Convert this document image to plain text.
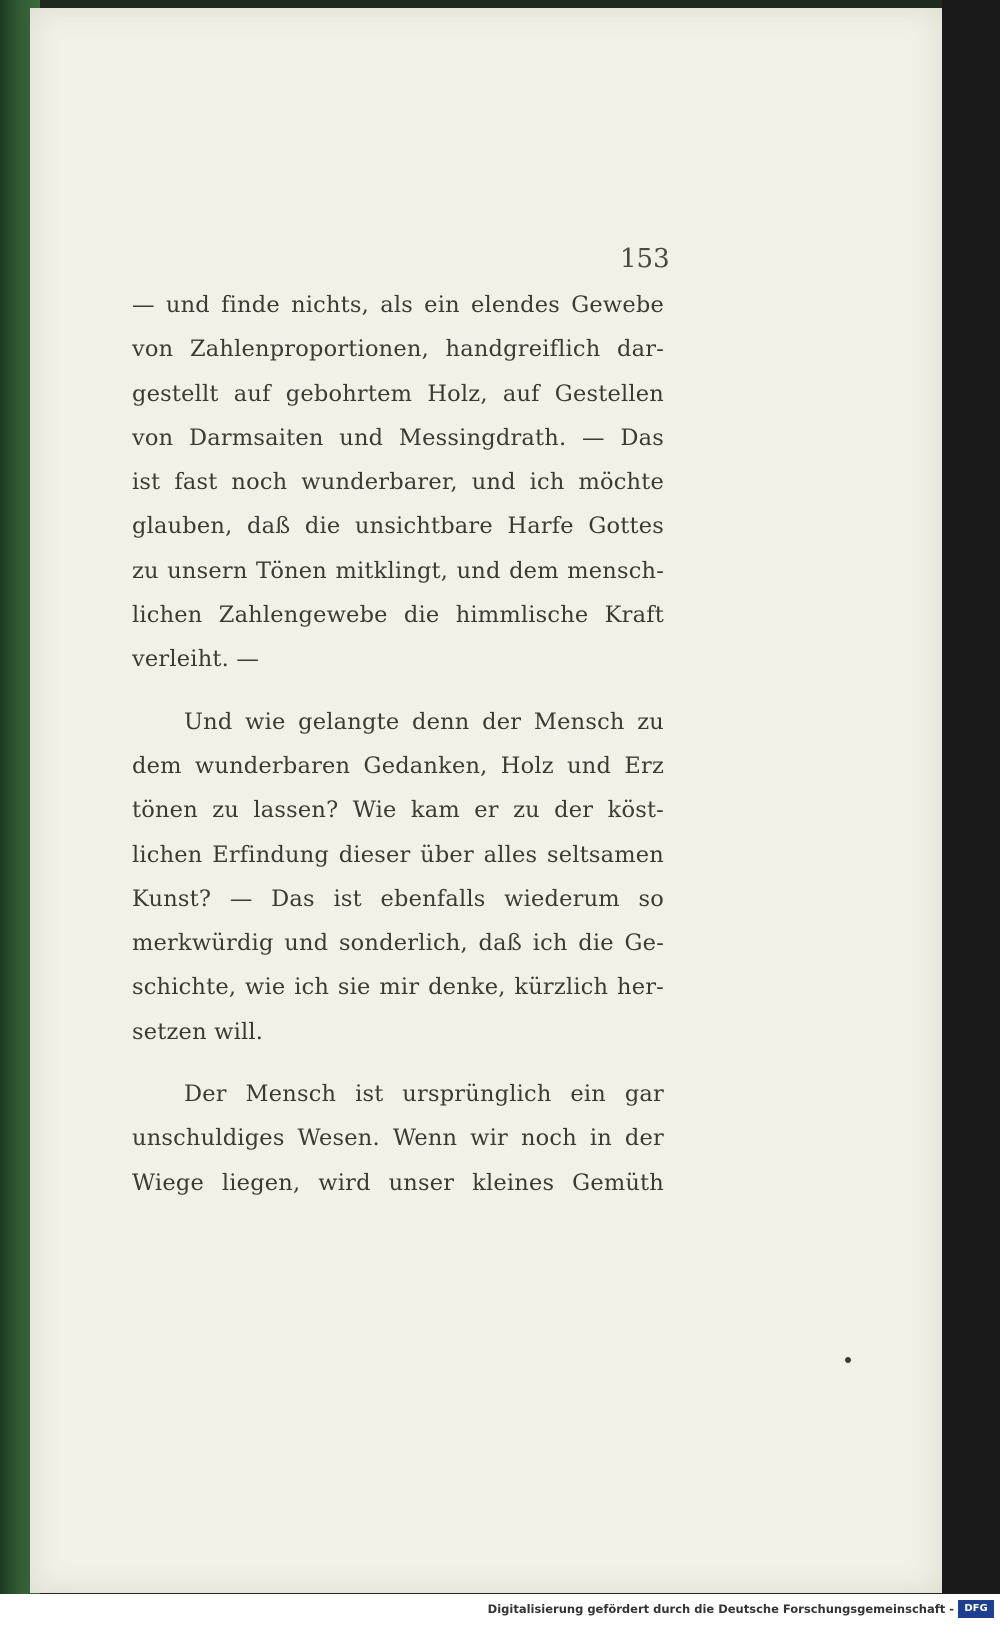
153
— und finde nichts, als ein elendes Gewebe
von Zahlenproportionen, handgreiflich dar-
gestellt auf gebohrtem Holz, auf Gestellen
von Darmsaiten und Messingdrath. — Das
ist fast noch wunderbarer, und ich möchte
glauben, daß die unsichtbare Harfe Gottes
zu unsern Tönen mitklingt, und dem mensch-
lichen Zahlengewebe die himmlische Kraft
verleiht. —
Und wie gelangte denn der Mensch zu
dem wunderbaren Gedanken, Holz und Erz
tönen zu lassen? Wie kam er zu der köst-
lichen Erfindung dieser über alles seltsamen
Kunst? — Das ist ebenfalls wiederum so
merkwürdig und sonderlich, daß ich die Ge-
schichte, wie ich sie mir denke, kürzlich her-
setzen will.
Der Mensch ist ursprünglich ein gar
unschuldiges Wesen. Wenn wir noch in der
Wiege liegen, wird unser kleines Gemüth
Digitalisierung gefördert durch die Deutsche Forschungsgemeinschaft -	DFG
